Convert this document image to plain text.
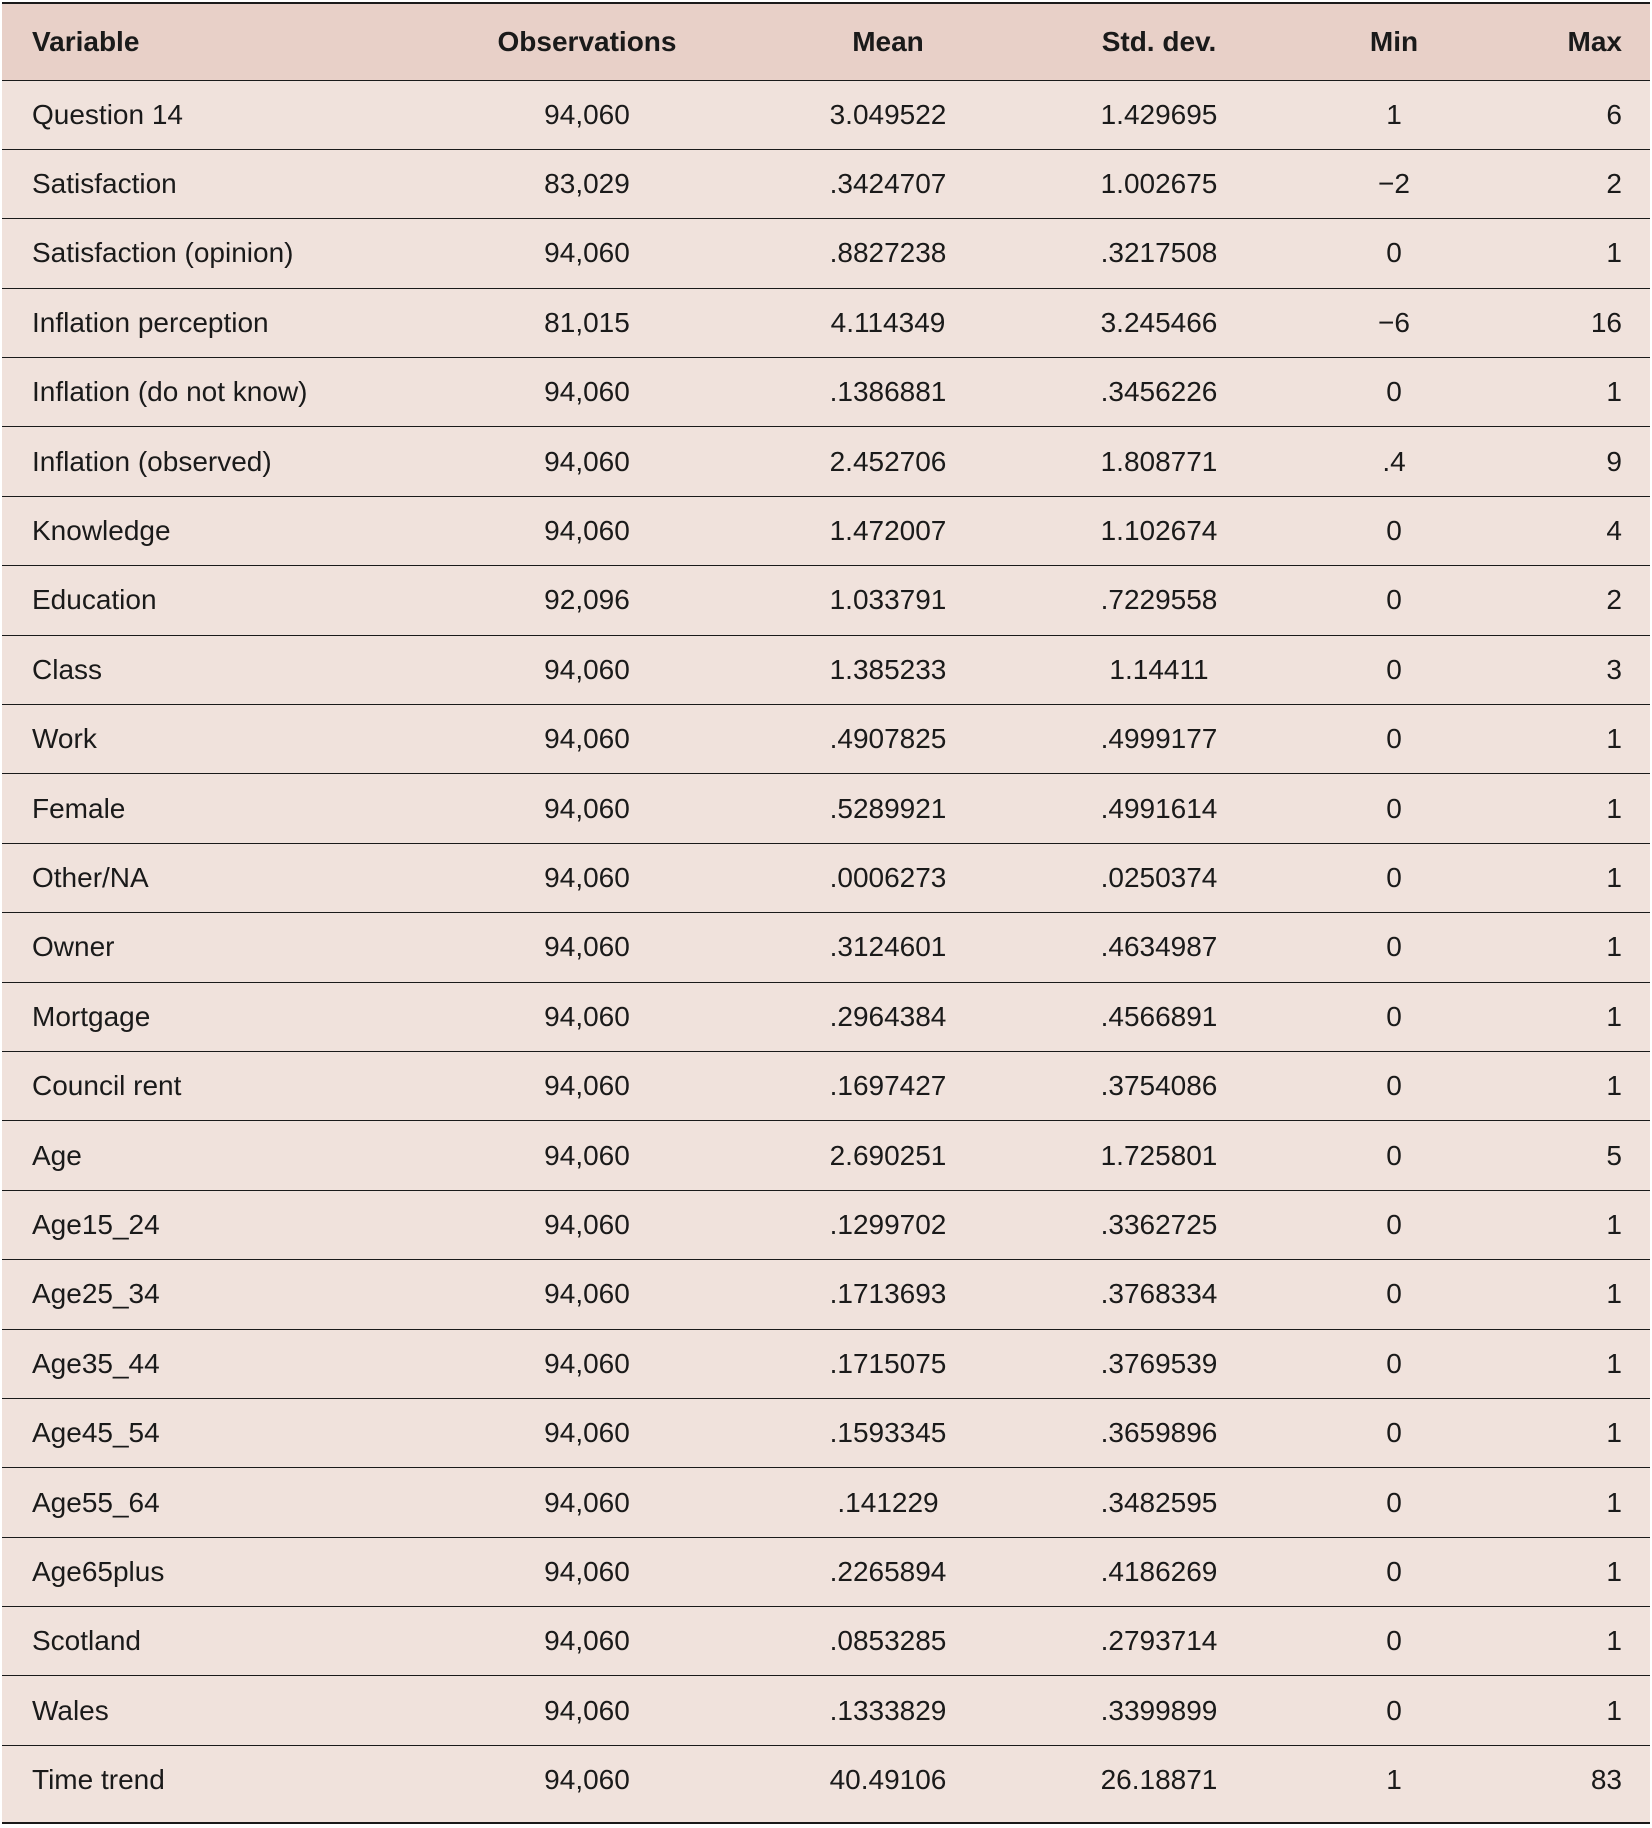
Variable	Observations	Mean	Std. dev.	Min	Max
Question 14	94,060	3.049522	1.429695	1	6
Satisfaction	83,029	.3424707	1.002675	−2	2
Satisfaction (opinion)	94,060	.8827238	.3217508	0	1
Inflation perception	81,015	4.114349	3.245466	−6	16
Inflation (do not know)	94,060	.1386881	.3456226	0	1
Inflation (observed)	94,060	2.452706	1.808771	.4	9
Knowledge	94,060	1.472007	1.102674	0	4
Education	92,096	1.033791	.7229558	0	2
Class	94,060	1.385233	1.14411	0	3
Work	94,060	.4907825	.4999177	0	1
Female	94,060	.5289921	.4991614	0	1
Other/NA	94,060	.0006273	.0250374	0	1
Owner	94,060	.3124601	.4634987	0	1
Mortgage	94,060	.2964384	.4566891	0	1
Council rent	94,060	.1697427	.3754086	0	1
Age	94,060	2.690251	1.725801	0	5
Age15_24	94,060	.1299702	.3362725	0	1
Age25_34	94,060	.1713693	.3768334	0	1
Age35_44	94,060	.1715075	.3769539	0	1
Age45_54	94,060	.1593345	.3659896	0	1
Age55_64	94,060	.141229	.3482595	0	1
Age65plus	94,060	.2265894	.4186269	0	1
Scotland	94,060	.0853285	.2793714	0	1
Wales	94,060	.1333829	.3399899	0	1
Time trend	94,060	40.49106	26.18871	1	83
